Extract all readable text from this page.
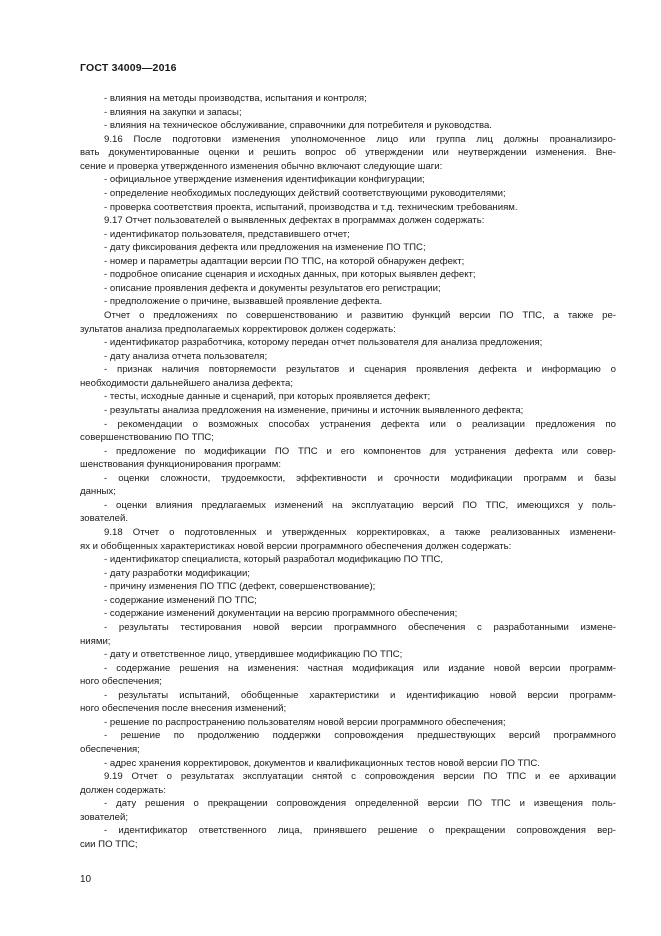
ГОСТ 34009—2016
- влияния на методы производства, испытания и контроля;
- влияния на закупки и запасы;
- влияния на техническое обслуживание, справочники для потребителя и руководства.
9.16 После подготовки изменения уполномоченное лицо или группа лиц должны проанализиро-
вать документированные оценки и решить вопрос об утверждении или неутверждении изменения. Вне-
сение и проверка утвержденного изменения обычно включают следующие шаги:
- официальное утверждение изменения идентификации конфигурации;
- определение необходимых последующих действий соответствующими руководителями;
- проверка соответствия проекта, испытаний, производства и т.д. техническим требованиям.
9.17 Отчет пользователей о выявленных дефектах в программах должен содержать:
- идентификатор пользователя, представившего отчет;
- дату фиксирования дефекта или предложения на изменение ПО ТПС;
- номер и параметры адаптации версии ПО ТПС, на которой обнаружен дефект;
- подробное описание сценария и исходных данных, при которых выявлен дефект;
- описание проявления дефекта и документы результатов его регистрации;
- предположение о причине, вызвавшей проявление дефекта.
Отчет о предложениях по совершенствованию и развитию функций версии ПО ТПС, а также ре-
зультатов анализа предполагаемых корректировок должен содержать:
- идентификатор разработчика, которому передан отчет пользователя для анализа предложения;
- дату анализа отчета пользователя;
- признак наличия повторяемости результатов и сценария проявления дефекта и информацию о
необходимости дальнейшего анализа дефекта;
- тесты, исходные данные и сценарий, при которых проявляется дефект;
- результаты анализа предложения на изменение, причины и источник выявленного дефекта;
- рекомендации о возможных способах устранения дефекта или о реализации предложения по
совершенствованию ПО ТПС;
- предложение по модификации ПО ТПС и его компонентов для устранения дефекта или совер-
шенствования функционирования программ:
- оценки сложности, трудоемкости, эффективности и срочности модификации программ и базы
данных;
- оценки влияния предлагаемых изменений на эксплуатацию версий ПО ТПС, имеющихся у поль-
зователей.
9.18 Отчет о подготовленных и утвержденных корректировках, а также реализованных изменени-
ях и обобщенных характеристиках новой версии программного обеспечения должен содержать:
- идентификатор специалиста, который разработал модификацию ПО ТПС,
- дату разработки модификации;
- причину изменения ПО ТПС (дефект, совершенствование);
- содержание изменений ПО ТПС;
- содержание изменений документации на версию программного обеспечения;
- результаты тестирования новой версии программного обеспечения с разработанными измене-
ниями;
- дату и ответственное лицо, утвердившее модификацию ПО ТПС;
- содержание решения на изменения: частная модификация или издание новой версии программ-
ного обеспечения;
- результаты испытаний, обобщенные характеристики и идентификацию новой версии программ-
ного обеспечения после внесения изменений;
- решение по распространению пользователям новой версии программного обеспечения;
- решение по продолжению поддержки сопровождения предшествующих версий программного
обеспечения;
- адрес хранения корректировок, документов и квалификационных тестов новой версии ПО ТПС.
9.19 Отчет о результатах эксплуатации снятой с сопровождения версии ПО ТПС и ее архивации
должен содержать:
- дату решения о прекращении сопровождения определенной версии ПО ТПС и извещения поль-
зователей;
- идентификатор ответственного лица, принявшего решение о прекращении сопровождения вер-
сии ПО ТПС;
10
